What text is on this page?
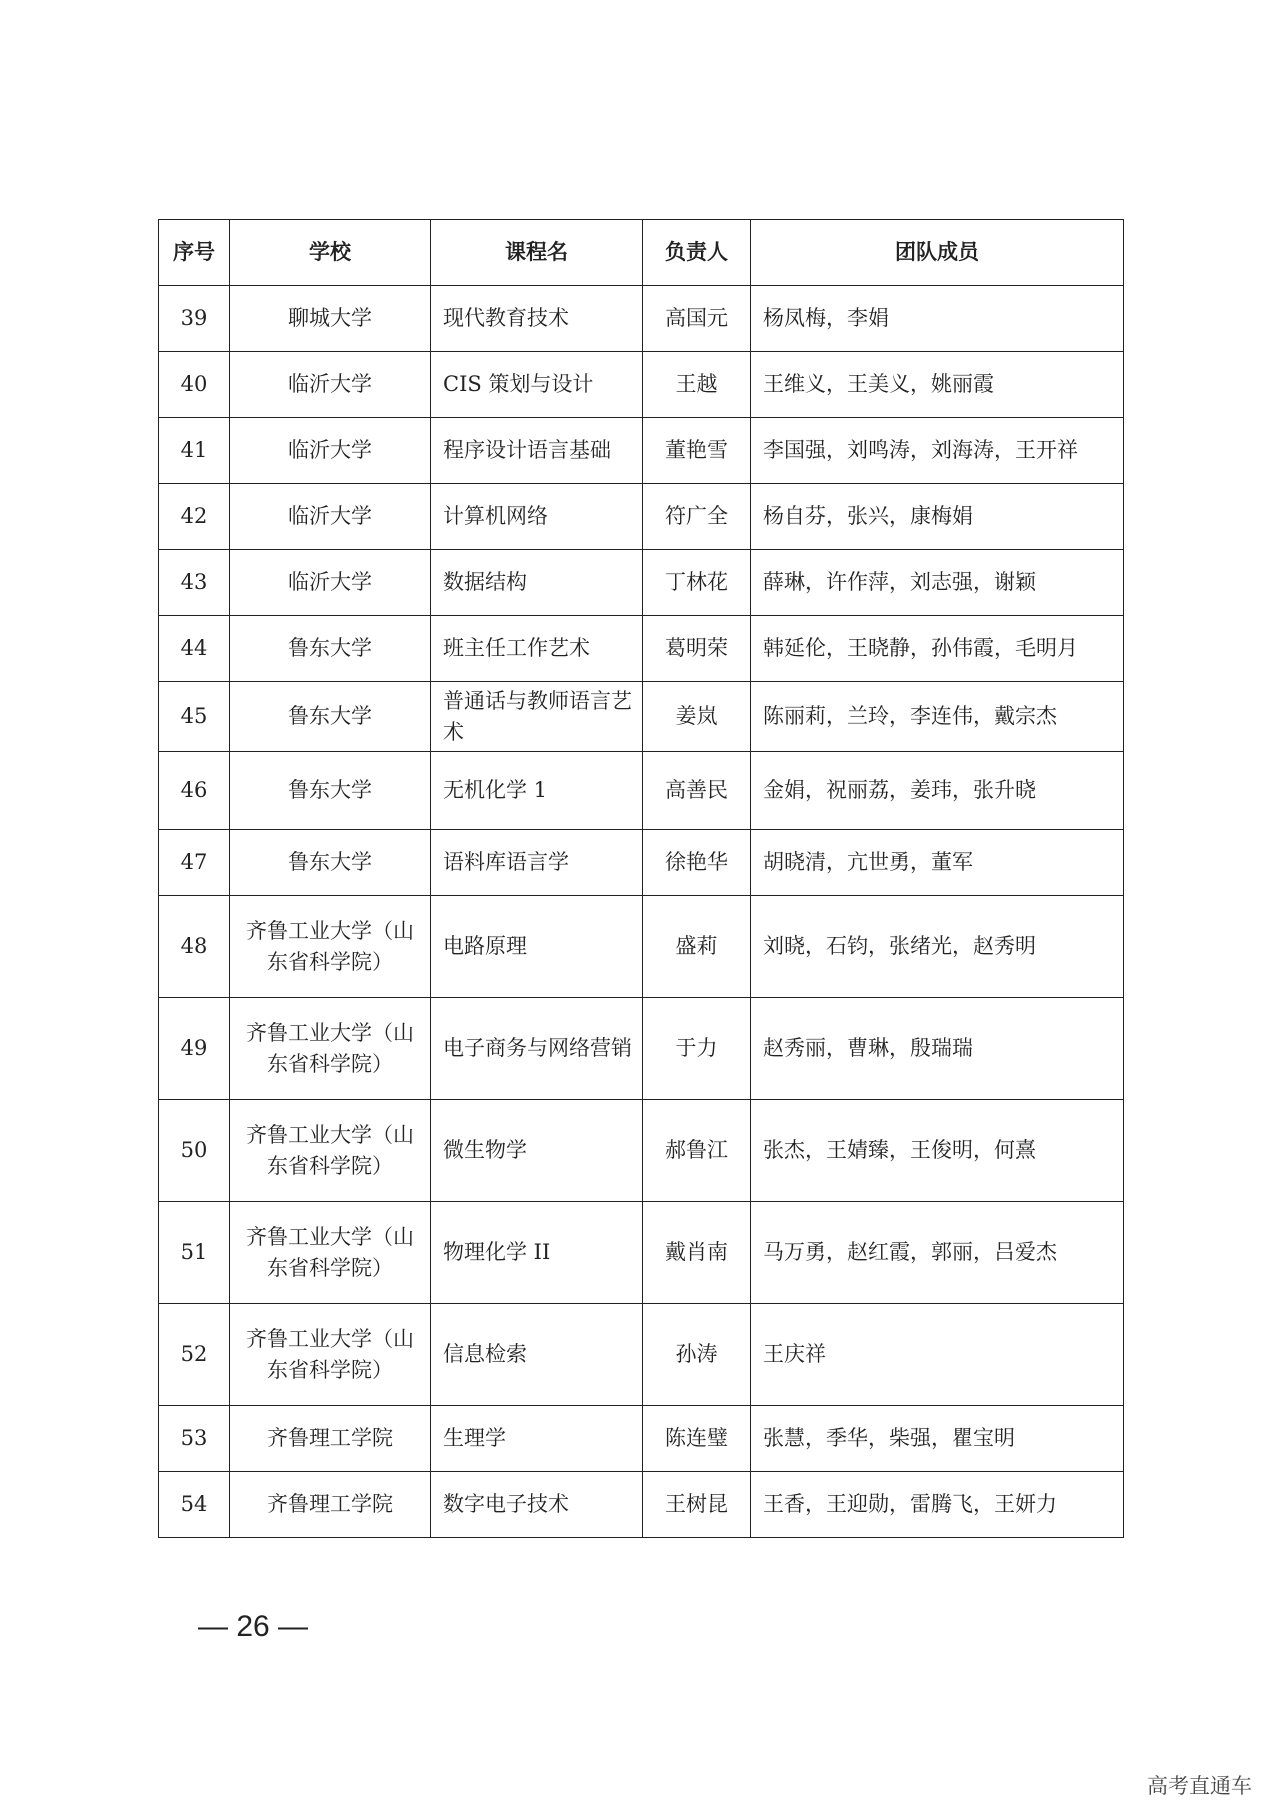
序号	学校	课程名	负责人	团队成员
39	聊城大学	现代教育技术	高国元	杨凤梅，李娟
40	临沂大学	CIS 策划与设计	王越	王维义，王美义，姚丽霞
41	临沂大学	程序设计语言基础	董艳雪	李国强，刘鸣涛，刘海涛，王开祥
42	临沂大学	计算机网络	符广全	杨自芬，张兴，康梅娟
43	临沂大学	数据结构	丁林花	薛琳，许作萍，刘志强，谢颖
44	鲁东大学	班主任工作艺术	葛明荣	韩延伦，王晓静，孙伟霞，毛明月
45	鲁东大学	普通话与教师语言艺术	姜岚	陈丽莉，兰玲，李连伟，戴宗杰
46	鲁东大学	无机化学 1	高善民	金娟，祝丽荔，姜玮，张升晓
47	鲁东大学	语料库语言学	徐艳华	胡晓清，亢世勇，董军
48	齐鲁工业大学（山东省科学院）	电路原理	盛莉	刘晓，石钧，张绪光，赵秀明
49	齐鲁工业大学（山东省科学院）	电子商务与网络营销	于力	赵秀丽，曹琳，殷瑞瑞
50	齐鲁工业大学（山东省科学院）	微生物学	郝鲁江	张杰，王婧臻，王俊明，何熹
51	齐鲁工业大学（山东省科学院）	物理化学 II	戴肖南	马万勇，赵红霞，郭丽，吕爱杰
52	齐鲁工业大学（山东省科学院）	信息检索	孙涛	王庆祥
53	齐鲁理工学院	生理学	陈连璧	张慧，季华，柴强，瞿宝明
54	齐鲁理工学院	数字电子技术	王树昆	王香，王迎勋，雷腾飞，王妍力
— 26 —
高考直通车
